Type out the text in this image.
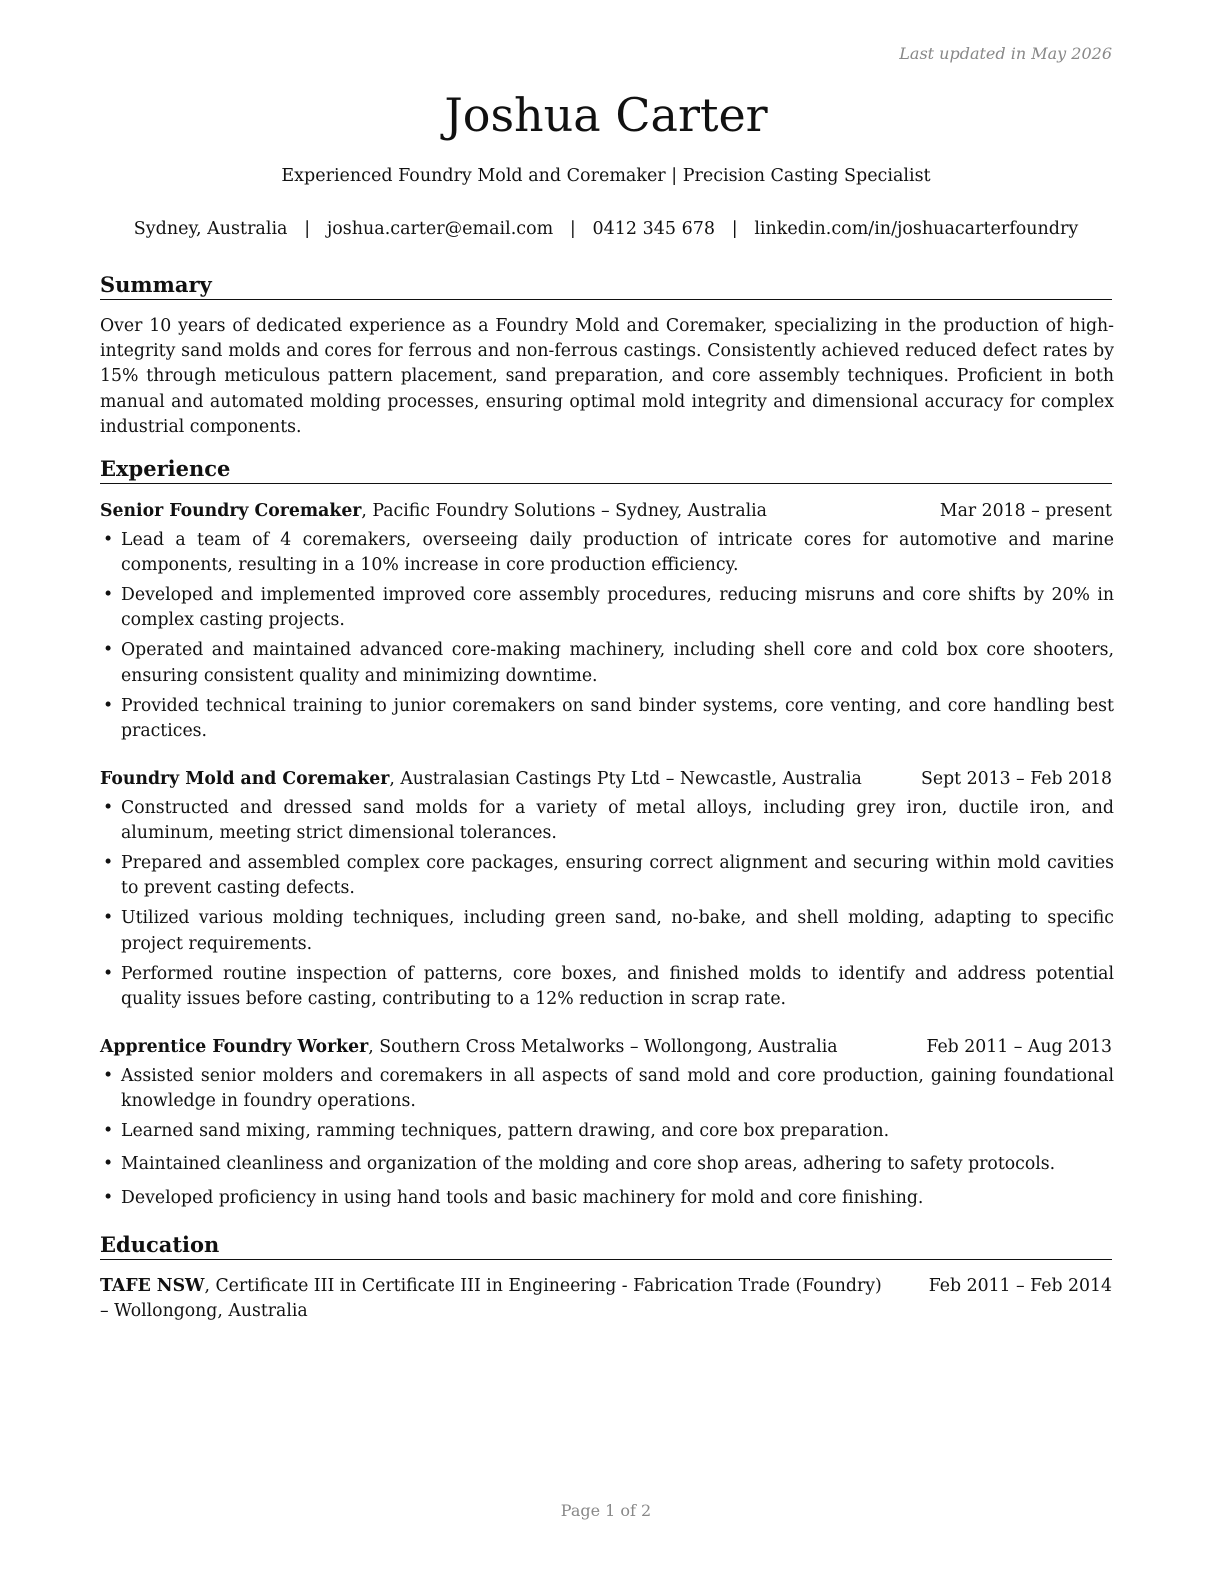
Last updated in May 2026
Joshua Carter
Experienced Foundry Mold and Coremaker | Precision Casting Specialist
Sydney, Australia | joshua.carter@email.com | 0412 345 678 | linkedin.com/in/joshuacarterfoundry
Summary
Over 10 years of dedicated experience as a Foundry Mold and Coremaker, specializing in the production of high-integrity sand molds and cores for ferrous and non-ferrous castings. Consistently achieved reduced defect rates by 15% through meticulous pattern placement, sand preparation, and core assembly techniques. Proficient in both manual and automated molding processes, ensuring optimal mold integrity and dimensional accuracy for complex industrial components.
Experience
Senior Foundry Coremaker, Pacific Foundry Solutions – Sydney, Australia	Mar 2018 – present
• Lead a team of 4 coremakers, overseeing daily production of intricate cores for automotive and marine components, resulting in a 10% increase in core production efficiency.
• Developed and implemented improved core assembly procedures, reducing misruns and core shifts by 20% in complex casting projects.
• Operated and maintained advanced core-making machinery, including shell core and cold box core shooters, ensuring consistent quality and minimizing downtime.
• Provided technical training to junior coremakers on sand binder systems, core venting, and core handling best practices.
Foundry Mold and Coremaker, Australasian Castings Pty Ltd – Newcastle, Australia	Sept 2013 – Feb 2018
• Constructed and dressed sand molds for a variety of metal alloys, including grey iron, ductile iron, and aluminum, meeting strict dimensional tolerances.
• Prepared and assembled complex core packages, ensuring correct alignment and securing within mold cavities to prevent casting defects.
• Utilized various molding techniques, including green sand, no-bake, and shell molding, adapting to specific project requirements.
• Performed routine inspection of patterns, core boxes, and finished molds to identify and address potential quality issues before casting, contributing to a 12% reduction in scrap rate.
Apprentice Foundry Worker, Southern Cross Metalworks – Wollongong, Australia	Feb 2011 – Aug 2013
• Assisted senior molders and coremakers in all aspects of sand mold and core production, gaining foundational knowledge in foundry operations.
• Learned sand mixing, ramming techniques, pattern drawing, and core box preparation.
• Maintained cleanliness and organization of the molding and core shop areas, adhering to safety protocols.
• Developed proficiency in using hand tools and basic machinery for mold and core finishing.
Education
TAFE NSW, Certificate III in Certificate III in Engineering - Fabrication Trade (Foundry) – Wollongong, Australia
Feb 2011 – Feb 2014
Page 1 of 2
